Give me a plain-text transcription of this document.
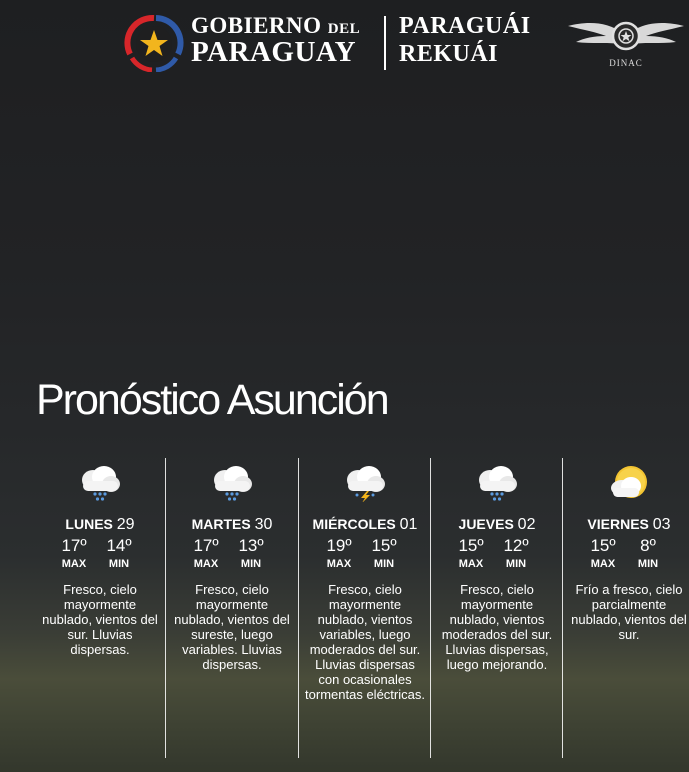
GOBIERNO DEL
PARAGUAY
PARAGUÁI
REKUÁI	DINAC
Pronóstico Asunción
LUNES 29
17º
MAX
14º
MIN
Fresco, cielo mayormente nublado, vientos del sur. Lluvias dispersas.
MARTES 30
17º
MAX
13º
MIN
Fresco, cielo mayormente nublado, vientos del sureste, luego variables. Lluvias dispersas.
MIÉRCOLES 01
19º
MAX
15º
MIN
Fresco, cielo mayormente nublado, vientos variables, luego moderados del sur. Lluvias dispersas con ocasionales tormentas eléctricas.
JUEVES 02
15º
MAX
12º
MIN
Fresco, cielo mayormente nublado, vientos moderados del sur. Lluvias dispersas, luego mejorando.
VIERNES 03
15º
MAX
8º
MIN
Frío a fresco, cielo parcialmente nublado, vientos del sur.
